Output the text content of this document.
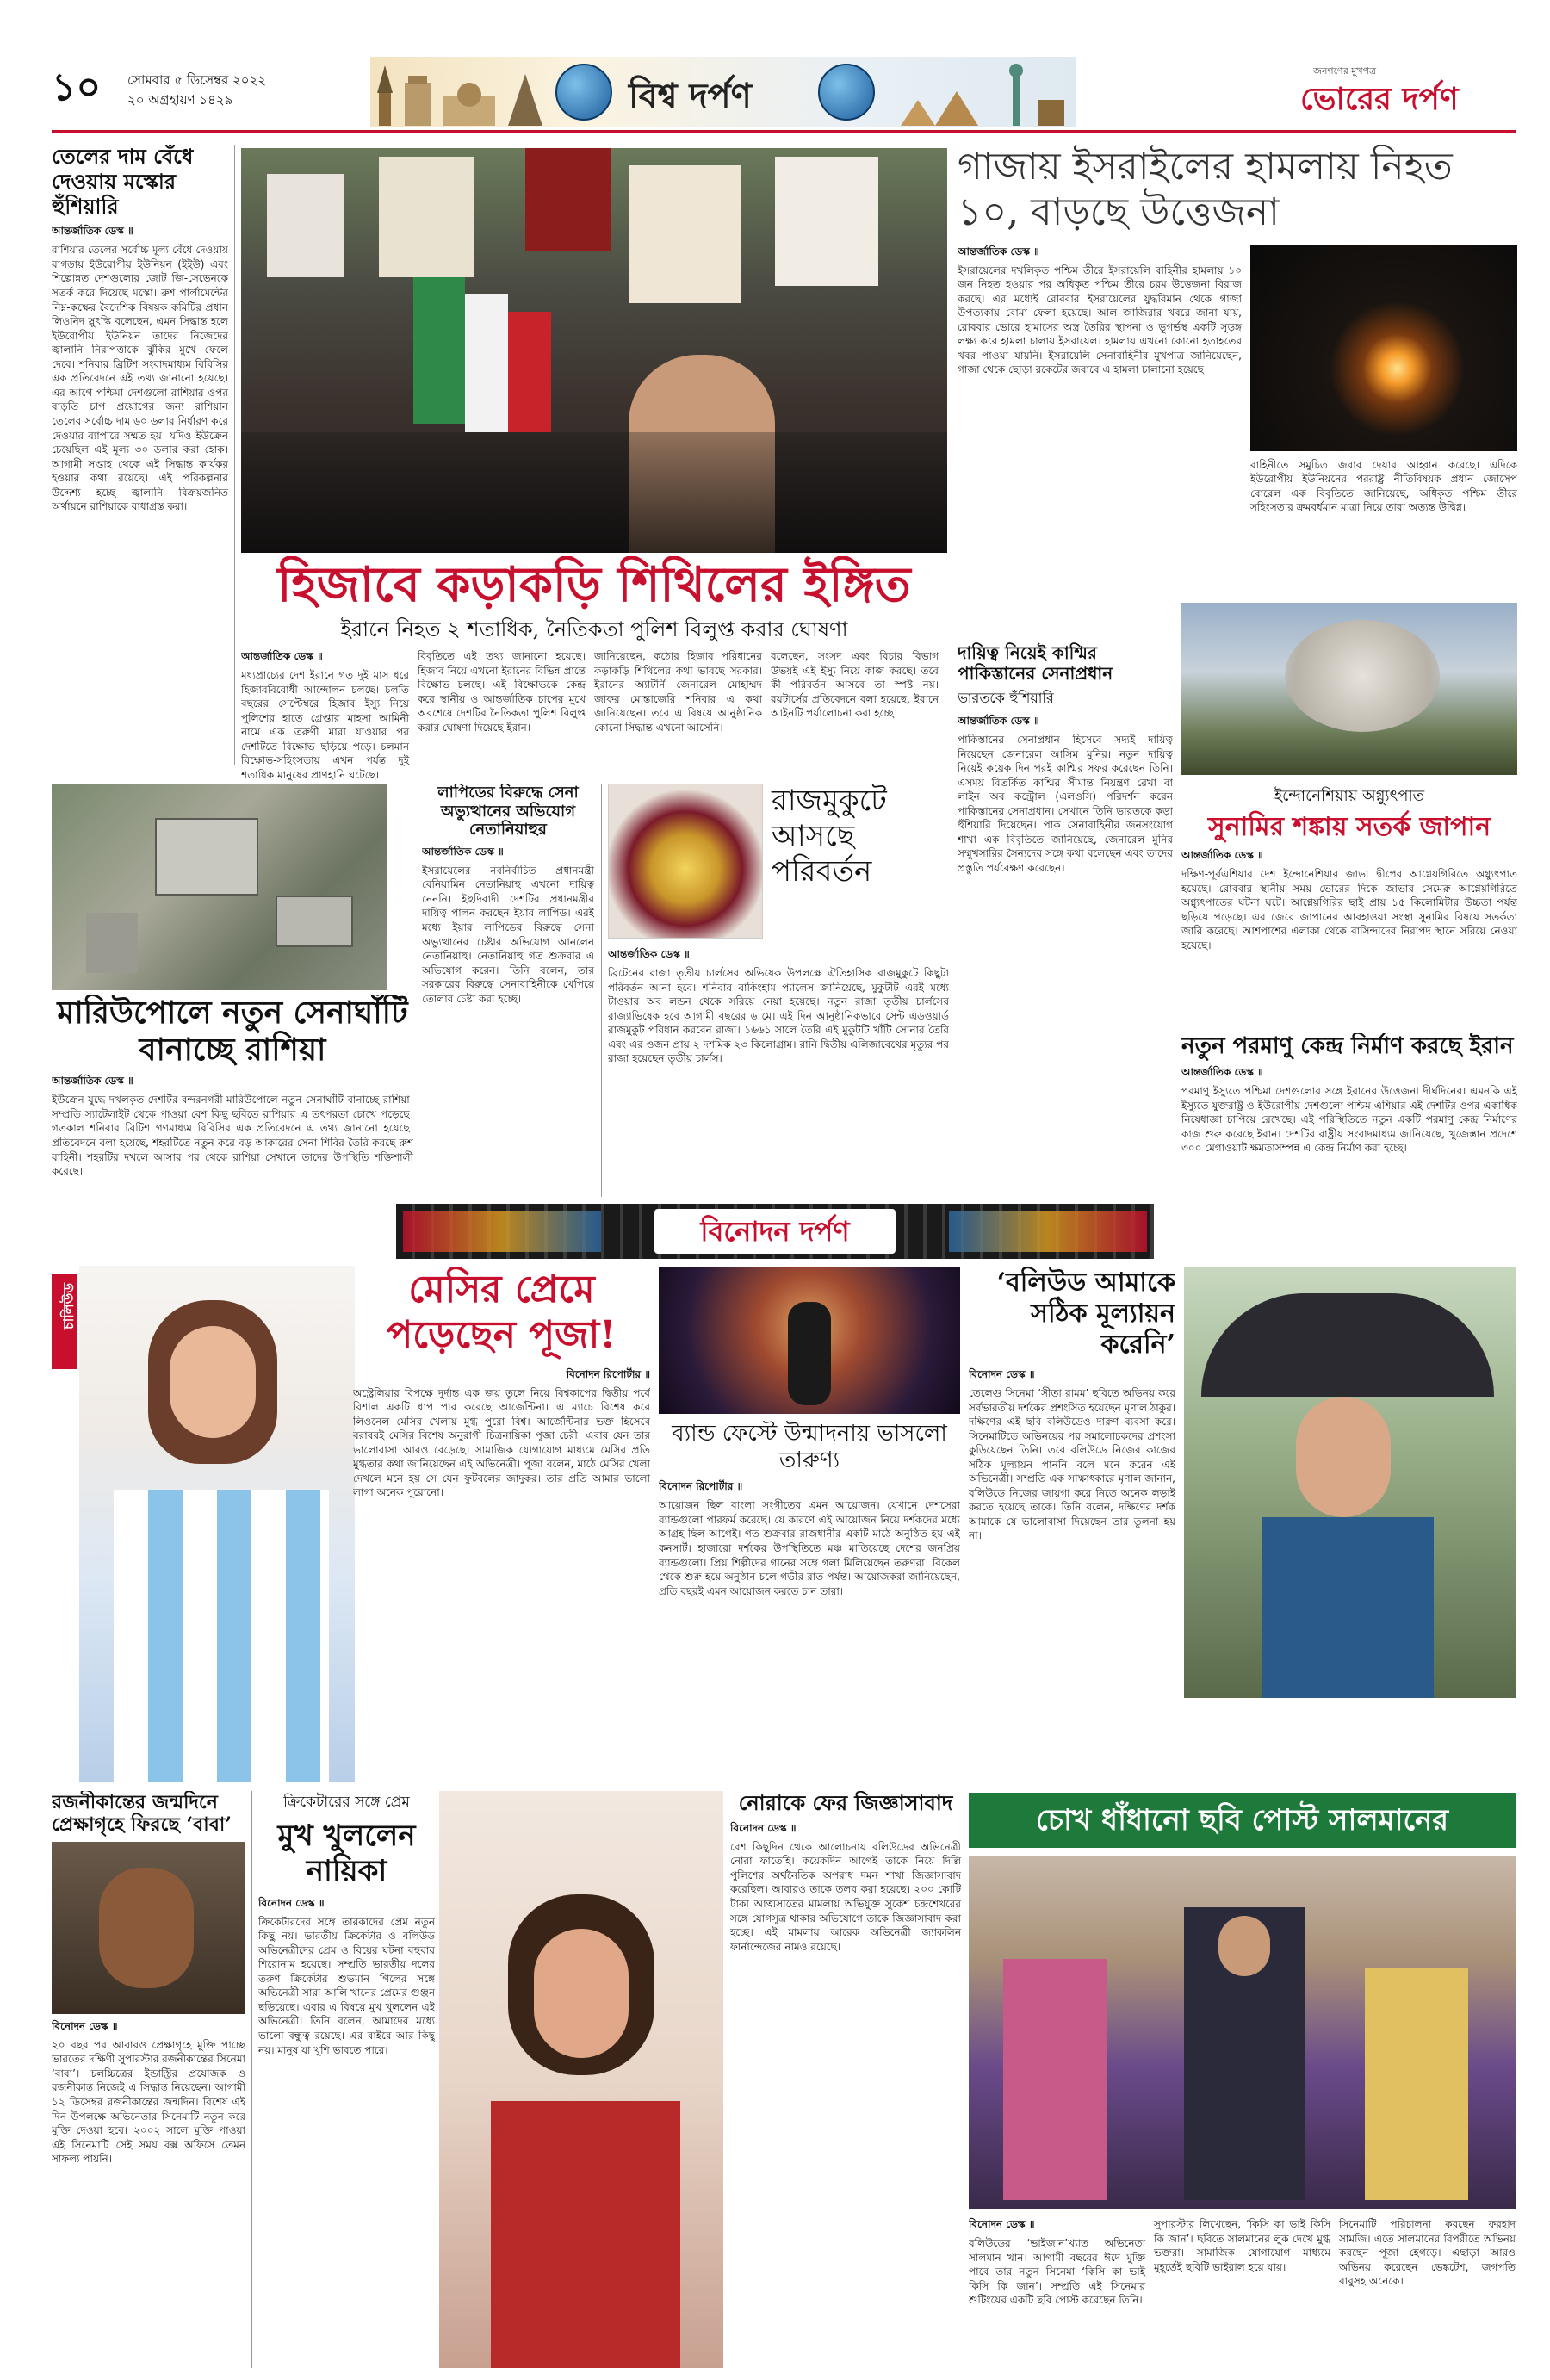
১০ সোমবার ৫ ডিসেম্বর ২০২২
২০ অগ্রহায়ণ ১৪২৯	বিশ্ব দর্পণ
জনগণের মুখপত্র
ভোরের দর্পণ
তেলের দাম বেঁধে দেওয়ায় মস্কোর হুঁশিয়ারি
আন্তর্জাতিক ডেস্ক ॥
রাশিয়ার তেলের সর্বোচ্চ মূল্য বেঁধে দেওয়ায় বাগড়ায় ইউরোপীয় ইউনিয়ন (ইইউ) এবং শিল্পোন্নত দেশগুলোর জোট জি-সেভেনকে সতর্ক করে দিয়েছে মস্কো। রুশ পার্লামেন্টের নিম্ন-কক্ষের বৈদেশিক বিষয়ক কমিটির প্রধান লিওনিদ স্লুৎস্কি বলেছেন, এমন সিদ্ধান্ত হলে ইউরোপীয় ইউনিয়ন তাদের নিজেদের জ্বালানি নিরাপত্তাকে ঝুঁকির মুখে ফেলে দেবে। শনিবার ব্রিটিশ সংবাদমাধ্যম বিবিসির এক প্রতিবেদনে এই তথ্য জানানো হয়েছে। এর আগে পশ্চিমা দেশগুলো রাশিয়ার ওপর বাড়তি চাপ প্রয়োগের জন্য রাশিয়ান তেলের সর্বোচ্চ দাম ৬০ ডলার নির্ধারণ করে দেওয়ার ব্যাপারে সম্মত হয়। যদিও ইউক্রেন চেয়েছিল এই মূল্য ৩০ ডলার করা হোক। আগামী সপ্তাহ থেকে এই সিদ্ধান্ত কার্যকর হওয়ার কথা রয়েছে। এই পরিকল্পনার উদ্দেশ্য হচ্ছে জ্বালানি বিক্রয়জনিত অর্থায়নে রাশিয়াকে বাধাগ্রস্ত করা।
গাজায় ইসরাইলের হামলায় নিহত ১০, বাড়ছে উত্তেজনা
আন্তর্জাতিক ডেস্ক ॥
ইসরায়েলের দখলিকৃত পশ্চিম তীরে ইসরায়েলি বাহিনীর হামলায় ১০ জন নিহত হওয়ার পর অধিকৃত পশ্চিম তীরে চরম উত্তেজনা বিরাজ করছে। এর মধ্যেই রোববার ইসরায়েলের যুদ্ধবিমান থেকে গাজা উপত্যকায় বোমা ফেলা হয়েছে। আল জাজিরার খবরে জানা যায়, রোববার ভোরে হামাসের অস্ত্র তৈরির স্থাপনা ও ভূগর্ভস্থ একটি সুড়ঙ্গ লক্ষ্য করে হামলা চালায় ইসরায়েল। হামলায় এখনো কোনো হতাহতের খবর পাওয়া যায়নি। ইসরায়েলি সেনাবাহিনীর মুখপাত্র জানিয়েছেন, গাজা থেকে ছোড়া রকেটের জবাবে এ হামলা চালানো হয়েছে।
বাহিনীতে সমুচিত জবাব দেয়ার আহ্বান করেছে। এদিকে ইউরোপীয় ইউনিয়নের পররাষ্ট্র নীতিবিষয়ক প্রধান জোসেপ বোরেল এক বিবৃতিতে জানিয়েছে, অধিকৃত পশ্চিম তীরে সহিংসতার ক্রমবর্ধমান মাত্রা নিয়ে তারা অত্যন্ত উদ্বিগ্ন।
হিজাবে কড়াকড়ি শিথিলের ইঙ্গিত
ইরানে নিহত ২ শতাধিক, নৈতিকতা পুলিশ বিলুপ্ত করার ঘোষণা
আন্তর্জাতিক ডেস্ক ॥
মধ্যপ্রাচ্যের দেশ ইরানে গত দুই মাস ধরে হিজাববিরোধী আন্দোলন চলছে। চলতি বছরের সেপ্টেম্বরে হিজাব ইস্যু নিয়ে পুলিশের হাতে গ্রেপ্তার মাহসা আমিনী নামে এক তরুণী মারা যাওয়ার পর দেশটিতে বিক্ষোভ ছড়িয়ে পড়ে। চলমান বিক্ষোভ-সহিংসতায় এখন পর্যন্ত দুই শতাধিক মানুষের প্রাণহানি ঘটেছে।
বিবৃতিতে এই তথ্য জানানো হয়েছে। হিজাব নিয়ে এখনো ইরানের বিভিন্ন প্রান্তে বিক্ষোভ চলছে। এই বিক্ষোভকে কেন্দ্র করে স্থানীয় ও আন্তর্জাতিক চাপের মুখে অবশেষে দেশটির নৈতিকতা পুলিশ বিলুপ্ত করার ঘোষণা দিয়েছে ইরান।
জানিয়েছেন, কঠোর হিজাব পরিধানের কড়াকড়ি শিথিলের কথা ভাবছে সরকার। ইরানের অ্যাটর্নি জেনারেল মোহাম্মদ জাফর মোন্তাজেরি শনিবার এ কথা জানিয়েছেন। তবে এ বিষয়ে আনুষ্ঠানিক কোনো সিদ্ধান্ত এখনো আসেনি।
বলেছেন, সংসদ এবং বিচার বিভাগ উভয়ই এই ইস্যু নিয়ে কাজ করছে। তবে কী পরিবর্তন আসবে তা স্পষ্ট নয়। রয়টার্সের প্রতিবেদনে বলা হয়েছে, ইরানে আইনটি পর্যালোচনা করা হচ্ছে।
দায়িত্ব নিয়েই কাশ্মির পাকিস্তানের সেনাপ্রধান
ভারতকে হুঁশিয়ারি
আন্তর্জাতিক ডেস্ক ॥
পাকিস্তানের সেনাপ্রধান হিসেবে সদ্যই দায়িত্ব নিয়েছেন জেনারেল আসিম মুনির। নতুন দায়িত্ব নিয়েই কয়েক দিন পরই কাশ্মির সফর করেছেন তিনি। এসময় বিতর্কিত কাশ্মির সীমান্ত নিয়ন্ত্রণ রেখা বা লাইন অব কন্ট্রোল (এলওসি) পরিদর্শন করেন পাকিস্তানের সেনাপ্রধান। সেখানে তিনি ভারতকে কড়া হুঁশিয়ারি দিয়েছেন। পাক সেনাবাহিনীর জনসংযোগ শাখা এক বিবৃতিতে জানিয়েছে, জেনারেল মুনির সম্মুখসারির সৈন্যদের সঙ্গে কথা বলেছেন এবং তাদের প্রস্তুতি পর্যবেক্ষণ করেছেন।
ইন্দোনেশিয়ায় অগ্ন্যুৎপাত
সুনামির শঙ্কায় সতর্ক জাপান
আন্তর্জাতিক ডেস্ক ॥
দক্ষিণ-পূর্বএশিয়ার দেশ ইন্দোনেশিয়ার জাভা দ্বীপের আগ্নেয়গিরিতে অগ্ন্যুৎপাত হয়েছে। রোববার স্থানীয় সময় ভোরের দিকে জাভার সেমেরু আগ্নেয়গিরিতে অগ্ন্যুৎপাতের ঘটনা ঘটে। আগ্নেয়গিরির ছাই প্রায় ১৫ কিলোমিটার উচ্চতা পর্যন্ত ছড়িয়ে পড়েছে। এর জেরে জাপানের আবহাওয়া সংস্থা সুনামির বিষয়ে সতর্কতা জারি করেছে। আশপাশের এলাকা থেকে বাসিন্দাদের নিরাপদ স্থানে সরিয়ে নেওয়া হয়েছে।
নতুন পরমাণু কেন্দ্র নির্মাণ করছে ইরান
আন্তর্জাতিক ডেস্ক ॥
পরমাণু ইস্যুতে পশ্চিমা দেশগুলোর সঙ্গে ইরানের উত্তেজনা দীর্ঘদিনের। এমনকি এই ইস্যুতে যুক্তরাষ্ট্র ও ইউরোপীয় দেশগুলো পশ্চিম এশিয়ার এই দেশটির ওপর একাধিক নিষেধাজ্ঞা চাপিয়ে রেখেছে। এই পরিস্থিতিতে নতুন একটি পরমাণু কেন্দ্র নির্মাণের কাজ শুরু করেছে ইরান। দেশটির রাষ্ট্রীয় সংবাদমাধ্যম জানিয়েছে, খুজেস্তান প্রদেশে ৩০০ মেগাওয়াট ক্ষমতাসম্পন্ন এ কেন্দ্র নির্মাণ করা হচ্ছে।
মারিউপোলে নতুন সেনাঘাঁটি বানাচ্ছে রাশিয়া
আন্তর্জাতিক ডেস্ক ॥
ইউক্রেন যুদ্ধে দখলকৃত দেশটির বন্দরনগরী মারিউপোলে নতুন সেনাঘাঁটি বানাচ্ছে রাশিয়া। সম্প্রতি স্যাটেলাইট থেকে পাওয়া বেশ কিছু ছবিতে রাশিয়ার এ তৎপরতা চোখে পড়েছে। গতকাল শনিবার ব্রিটিশ গণমাধ্যম বিবিসির এক প্রতিবেদনে এ তথ্য জানানো হয়েছে। প্রতিবেদনে বলা হয়েছে, শহরটিতে নতুন করে বড় আকারের সেনা শিবির তৈরি করছে রুশ বাহিনী। শহরটির দখলে আসার পর থেকে রাশিয়া সেখানে তাদের উপস্থিতি শক্তিশালী করেছে।
লাপিডের বিরুদ্ধে সেনা অভ্যুত্থানের অভিযোগ নেতানিয়াহুর
আন্তর্জাতিক ডেস্ক ॥
ইসরায়েলের নবনির্বাচিত প্রধানমন্ত্রী বেনিয়ামিন নেতানিয়াহু এখনো দায়িত্ব নেননি। ইহুদিবাদী দেশটির প্রধানমন্ত্রীর দায়িত্ব পালন করছেন ইয়ার লাপিড। এরই মধ্যে ইয়ার লাপিডের বিরুদ্ধে সেনা অভ্যুত্থানের চেষ্টার অভিযোগ আনলেন নেতানিয়াহু। নেতানিয়াহু গত শুক্রবার এ অভিযোগ করেন। তিনি বলেন, তার সরকারের বিরুদ্ধে সেনাবাহিনীকে খেপিয়ে তোলার চেষ্টা করা হচ্ছে।
রাজমুকুটে আসছে পরিবর্তন
আন্তর্জাতিক ডেস্ক ॥
ব্রিটেনের রাজা তৃতীয় চার্লসের অভিষেক উপলক্ষে ঐতিহাসিক রাজমুকুটে কিছুটা পরিবর্তন আনা হবে। শনিবার বাকিংহাম প্যালেস জানিয়েছে, মুকুটটি এরই মধ্যে টাওয়ার অব লন্ডন থেকে সরিয়ে নেয়া হয়েছে। নতুন রাজা তৃতীয় চার্লসের রাজ্যাভিষেক হবে আগামী বছরের ৬ মে। এই দিন আনুষ্ঠানিকভাবে সেন্ট এডওয়ার্ড রাজমুকুট পরিধান করবেন রাজা। ১৬৬১ সালে তৈরি এই মুকুটটি খাঁটি সোনার তৈরি এবং এর ওজন প্রায় ২ দশমিক ২৩ কিলোগ্রাম। রানি দ্বিতীয় এলিজাবেথের মৃত্যুর পর রাজা হয়েছেন তৃতীয় চার্লস।
বিনোদন দর্পণ
চালিউড	মেসির প্রেমে পড়েছেন পূজা!
বিনোদন রিপোর্টার ॥
অস্ট্রেলিয়ার বিপক্ষে দুর্দান্ত এক জয় তুলে নিয়ে বিশ্বকাপের দ্বিতীয় পর্বে বিশাল একটি ধাপ পার করেছে আর্জেন্টিনা। এ ম্যাচে বিশেষ করে লিওনেল মেসির খেলায় মুগ্ধ পুরো বিশ্ব। আর্জেন্টিনার ভক্ত হিসেবে বরাবরই মেসির বিশেষ অনুরাগী চিত্রনায়িকা পূজা চেরী। এবার যেন তার ভালোবাসা আরও বেড়েছে। সামাজিক যোগাযোগ মাধ্যমে মেসির প্রতি মুগ্ধতার কথা জানিয়েছেন এই অভিনেত্রী। পূজা বলেন, মাঠে মেসির খেলা দেখলে মনে হয় সে যেন ফুটবলের জাদুকর। তার প্রতি আমার ভালো লাগা অনেক পুরোনো।
ব্যান্ড ফেস্টে উন্মাদনায় ভাসলো তারুণ্য
বিনোদন রিপোর্টার ॥
আয়োজন ছিল বাংলা সংগীতের এমন আয়োজন। যেখানে দেশসেরা ব্যান্ডগুলো পারফর্ম করেছে। যে কারণে এই আয়োজন নিয়ে দর্শকদের মধ্যে আগ্রহ ছিল আগেই। গত শুক্রবার রাজধানীর একটি মাঠে অনুষ্ঠিত হয় এই কনসার্ট। হাজারো দর্শকের উপস্থিতিতে মঞ্চ মাতিয়েছে দেশের জনপ্রিয় ব্যান্ডগুলো। প্রিয় শিল্পীদের গানের সঙ্গে গলা মিলিয়েছেন তরুণরা। বিকেল থেকে শুরু হয়ে অনুষ্ঠান চলে গভীর রাত পর্যন্ত। আয়োজকরা জানিয়েছেন, প্রতি বছরই এমন আয়োজন করতে চান তারা।
‘বলিউড আমাকে সঠিক মূল্যায়ন করেনি’
বিনোদন ডেস্ক ॥
তেলেগু সিনেমা ‘সীতা রামম’ ছবিতে অভিনয় করে সর্বভারতীয় দর্শকের প্রশংসিত হয়েছেন মৃণাল ঠাকুর। দক্ষিণের এই ছবি বলিউডেও দারুণ ব্যবসা করে। সিনেমাটিতে অভিনয়ের পর সমালোচকদের প্রশংসা কুড়িয়েছেন তিনি। তবে বলিউডে নিজের কাজের সঠিক মূল্যায়ন পাননি বলে মনে করেন এই অভিনেত্রী। সম্প্রতি এক সাক্ষাৎকারে মৃণাল জানান, বলিউডে নিজের জায়গা করে নিতে অনেক লড়াই করতে হয়েছে তাকে। তিনি বলেন, দক্ষিণের দর্শক আমাকে যে ভালোবাসা দিয়েছেন তার তুলনা হয় না।
রজনীকান্তের জন্মদিনে প্রেক্ষাগৃহে ফিরছে ‘বাবা’
বিনোদন ডেস্ক ॥
২০ বছর পর আবারও প্রেক্ষাগৃহে মুক্তি পাচ্ছে ভারতের দক্ষিণী সুপারস্টার রজনীকান্তের সিনেমা ‘বাবা’। চলচ্চিত্রের ইন্ডাস্ট্রির প্রযোজক ও রজনীকান্ত নিজেই এ সিদ্ধান্ত নিয়েছেন। আগামী ১২ ডিসেম্বর রজনীকান্তের জন্মদিন। বিশেষ এই দিন উপলক্ষে অভিনেতার সিনেমাটি নতুন করে মুক্তি দেওয়া হবে। ২০০২ সালে মুক্তি পাওয়া এই সিনেমাটি সেই সময় বক্স অফিসে তেমন সাফল্য পায়নি।
ক্রিকেটারের সঙ্গে প্রেম
মুখ খুললেন নায়িকা
বিনোদন ডেস্ক ॥
ক্রিকেটারদের সঙ্গে তারকাদের প্রেম নতুন কিছু নয়। ভারতীয় ক্রিকেটার ও বলিউড অভিনেত্রীদের প্রেম ও বিয়ের ঘটনা বহুবার শিরোনাম হয়েছে। সম্প্রতি ভারতীয় দলের তরুণ ক্রিকেটার শুভমান গিলের সঙ্গে অভিনেত্রী সারা আলি খানের প্রেমের গুঞ্জন ছড়িয়েছে। এবার এ বিষয়ে মুখ খুললেন এই অভিনেত্রী। তিনি বলেন, আমাদের মধ্যে ভালো বন্ধুত্ব রয়েছে। এর বাইরে আর কিছু নয়। মানুষ যা খুশি ভাবতে পারে।
নোরাকে ফের জিজ্ঞাসাবাদ
বিনোদন ডেস্ক ॥
বেশ কিছুদিন থেকে আলোচনায় বলিউডের অভিনেত্রী নোরা ফাতেহি। কয়েকদিন আগেই তাকে নিয়ে দিল্লি পুলিশের অর্থনৈতিক অপরাধ দমন শাখা জিজ্ঞাসাবাদ করেছিল। আবারও তাকে তলব করা হয়েছে। ২০০ কোটি টাকা আত্মসাতের মামলায় অভিযুক্ত সুকেশ চন্দ্রশেখরের সঙ্গে যোগসূত্র থাকার অভিযোগে তাকে জিজ্ঞাসাবাদ করা হচ্ছে। এই মামলায় আরেক অভিনেত্রী জ্যাকলিন ফার্নান্দেজের নামও রয়েছে।
চোখ ধাঁধানো ছবি পোস্ট সালমানের
বিনোদন ডেস্ক ॥
বলিউডের ‘ভাইজান’খ্যাত অভিনেতা সালমান খান। আগামী বছরের ঈদে মুক্তি পাবে তার নতুন সিনেমা ‘কিসি কা ভাই কিসি কি জান’। সম্প্রতি এই সিনেমার শুটিংয়ের একটি ছবি পোস্ট করেছেন তিনি।
সুপারস্টার লিখেছেন, ‘কিসি কা ভাই কিসি কি জান’। ছবিতে সালমানের লুক দেখে মুগ্ধ ভক্তরা। সামাজিক যোগাযোগ মাধ্যমে মুহূর্তেই ছবিটি ভাইরাল হয়ে যায়।
সিনেমাটি পরিচালনা করছেন ফরহাদ সামজি। এতে সালমানের বিপরীতে অভিনয় করছেন পূজা হেগড়ে। এছাড়া আরও অভিনয় করেছেন ভেঙ্কটেশ, জগপতি বাবুসহ অনেকে।
